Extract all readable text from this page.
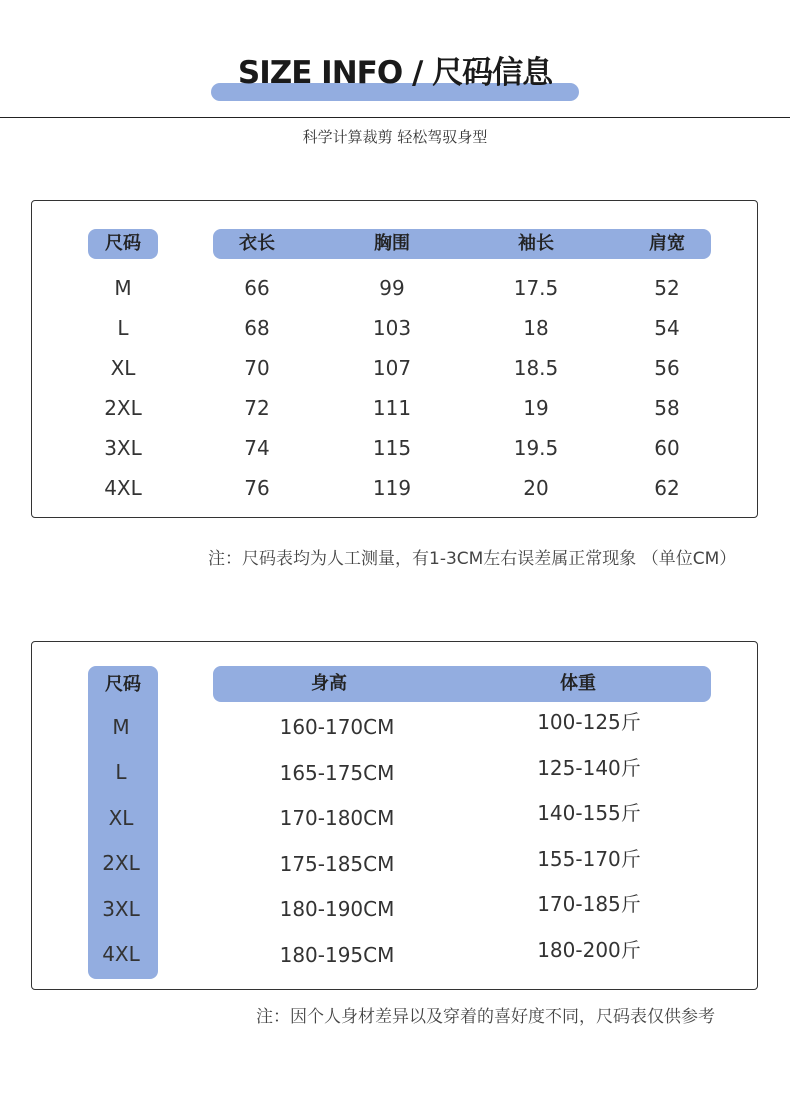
SIZE INFO / 尺码信息
科学计算裁剪 轻松驾驭身型
尺码	衣长	胸围	袖长	肩宽
M	66	99	17.5	52
L	68	103	18	54
XL	70	107	18.5	56
2XL	72	111	19	58
3XL	74	115	19.5	60
4XL	76	119	20	62
注：尺码表均为人工测量，有1-3CM左右误差属正常现象 （单位CM）
尺码	身高	体重
M	160-170CM	100-125斤
L	165-175CM	125-140斤
XL	170-180CM	140-155斤
2XL	175-185CM	155-170斤
3XL	180-190CM	170-185斤
4XL	180-195CM	180-200斤
注：因个人身材差异以及穿着的喜好度不同，尺码表仅供参考
